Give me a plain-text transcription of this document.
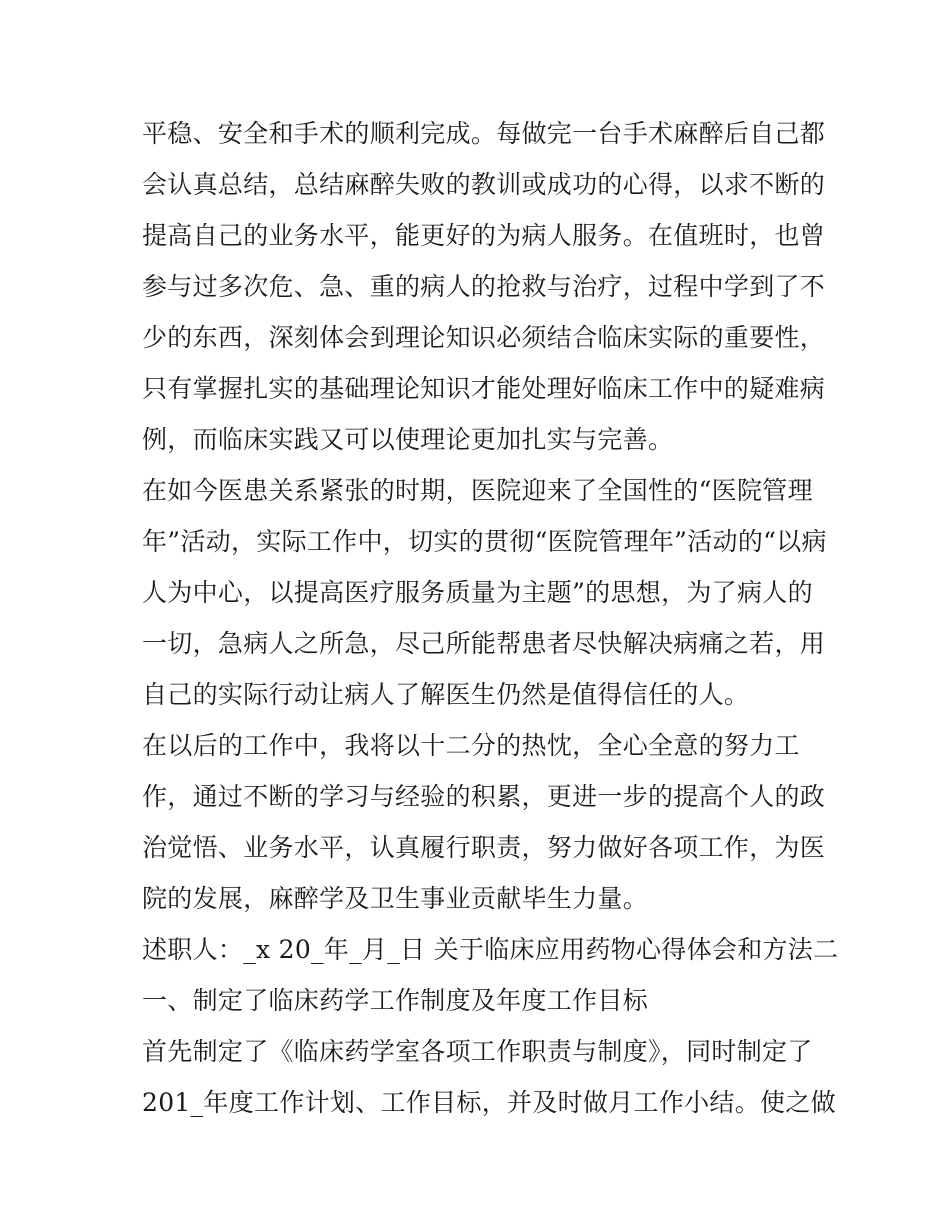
平稳、安全和手术的顺利完成。每做完一台手术麻醉后自己都
会认真总结，总结麻醉失败的教训或成功的心得，以求不断的
提高自己的业务水平，能更好的为病人服务。在值班时，也曾
参与过多次危、急、重的病人的抢救与治疗，过程中学到了不
少的东西，深刻体会到理论知识必须结合临床实际的重要性，
只有掌握扎实的基础理论知识才能处理好临床工作中的疑难病
例，而临床实践又可以使理论更加扎实与完善。
在如今医患关系紧张的时期，医院迎来了全国性的“医院管理
年”活动，实际工作中，切实的贯彻“医院管理年”活动的“以病
人为中心，以提高医疗服务质量为主题”的思想，为了病人的
一切，急病人之所急，尽己所能帮患者尽快解决病痛之若，用
自己的实际行动让病人了解医生仍然是值得信任的人。
在以后的工作中，我将以十二分的热忱，全心全意的努力工
作，通过不断的学习与经验的积累，更进一步的提高个人的政
治觉悟、业务水平，认真履行职责，努力做好各项工作，为医
院的发展，麻醉学及卫生事业贡献毕生力量。
述职人：_x 20_年_月_日 关于临床应用药物心得体会和方法二
一、制定了临床药学工作制度及年度工作目标
首先制定了《临床药学室各项工作职责与制度》，同时制定了
201_年度工作计划、工作目标，并及时做月工作小结。使之做
